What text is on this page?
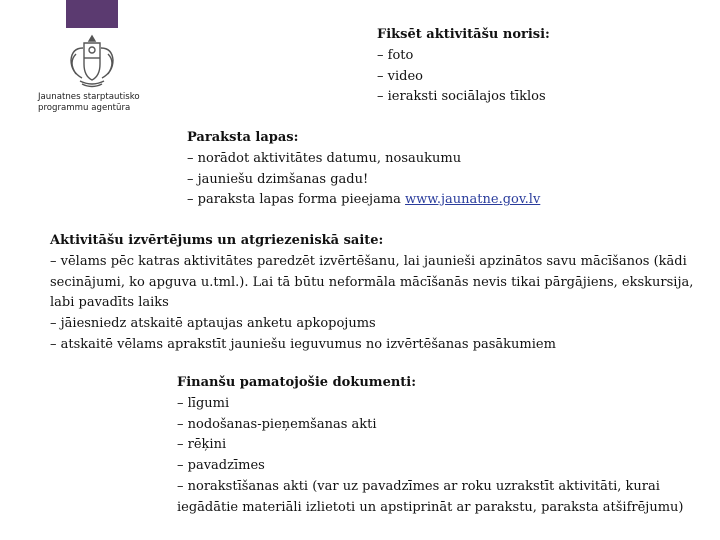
Jaunatnes starptautisko
programmu agentūra
Fiksēt aktivitāšu norisi:
– foto
– video
– ieraksti sociālajos tīklos
Paraksta lapas:
– norādot aktivitātes datumu, nosaukumu
– jauniešu dzimšanas gadu!
– paraksta lapas forma pieejama www.jaunatne.gov.lv
Aktivitāšu izvērtējums un atgriezeniskā saite:
– vēlams pēc katras aktivitātes paredzēt izvērtēšanu, lai jaunieši apzinātos savu mācīšanos (kādi secinājumi, ko apguva u.tml.). Lai tā būtu neformāla mācīšanās nevis tikai pārgājiens, ekskursija, labi pavadīts laiks
– jāiesniedz atskaitē aptaujas anketu apkopojums
– atskaitē vēlams aprakstīt jauniešu ieguvumus no izvērtēšanas pasākumiem
Finanšu pamatojošie dokumenti:
– līgumi
– nodošanas-pieņemšanas akti
– rēķini
– pavadzīmes
– norakstīšanas akti (var uz pavadzīmes ar roku uzrakstīt aktivitāti, kurai iegādātie materiāli izlietoti un apstiprināt ar parakstu, paraksta atšifrējumu)
